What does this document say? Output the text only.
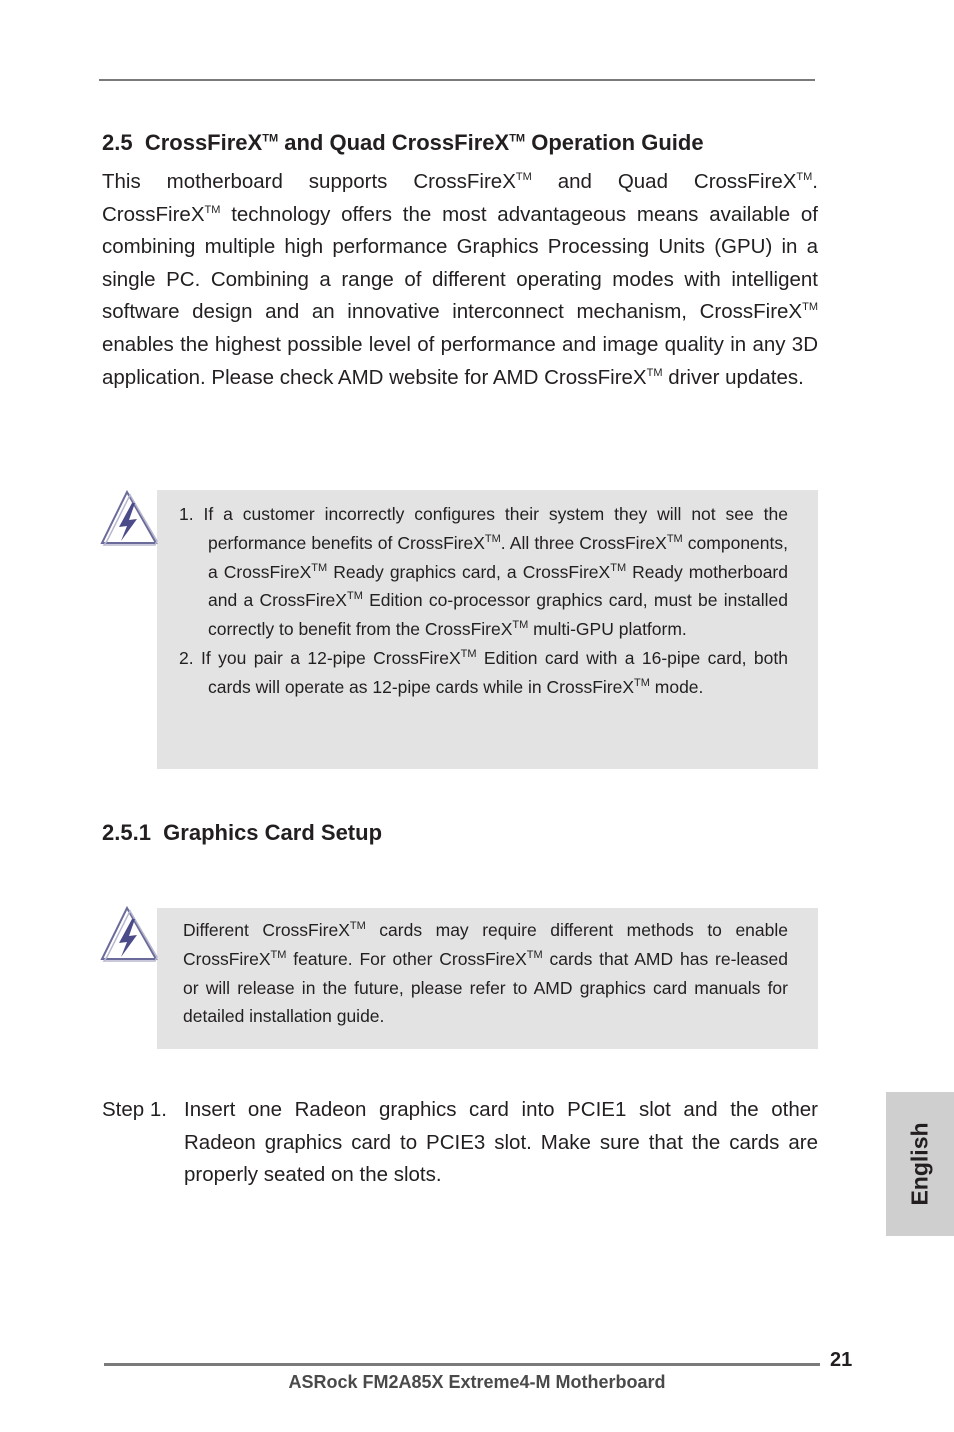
2.5 CrossFireX™ and Quad CrossFireX™ Operation Guide

This motherboard supports CrossFireX™ and Quad CrossFireX™. CrossFireX™ technology offers the most advantageous means available of combining multiple high performance Graphics Processing Units (GPU) in a single PC. Combining a range of different operating modes with intelligent software design and an innovative interconnect mechanism, CrossFireX™ enables the highest possible level of performance and image quality in any 3D application. Please check AMD website for AMD CrossFireX™ driver updates.

1. If a customer incorrectly configures their system they will not see the performance benefits of CrossFireX™. All three CrossFireX™ components, a CrossFireX™ Ready graphics card, a CrossFireX™ Ready motherboard and a CrossFireX™ Edition co-processor graphics card, must be installed correctly to benefit from the CrossFireX™ multi-GPU platform.
2. If you pair a 12-pipe CrossFireX™ Edition card with a 16-pipe card, both cards will operate as 12-pipe cards while in CrossFireX™ mode.
2.5.1 Graphics Card Setup

Different CrossFireX™ cards may require different methods to enable CrossFireX™ feature. For other CrossFireX™ cards that AMD has re-leased or will release in the future, please refer to AMD graphics card manuals for detailed installation guide.

Step 1. Insert one Radeon graphics card into PCIE1 slot and the other Radeon graphics card to PCIE3 slot. Make sure that the cards are properly seated on the slots.	English
21
ASRock FM2A85X Extreme4-M Motherboard
